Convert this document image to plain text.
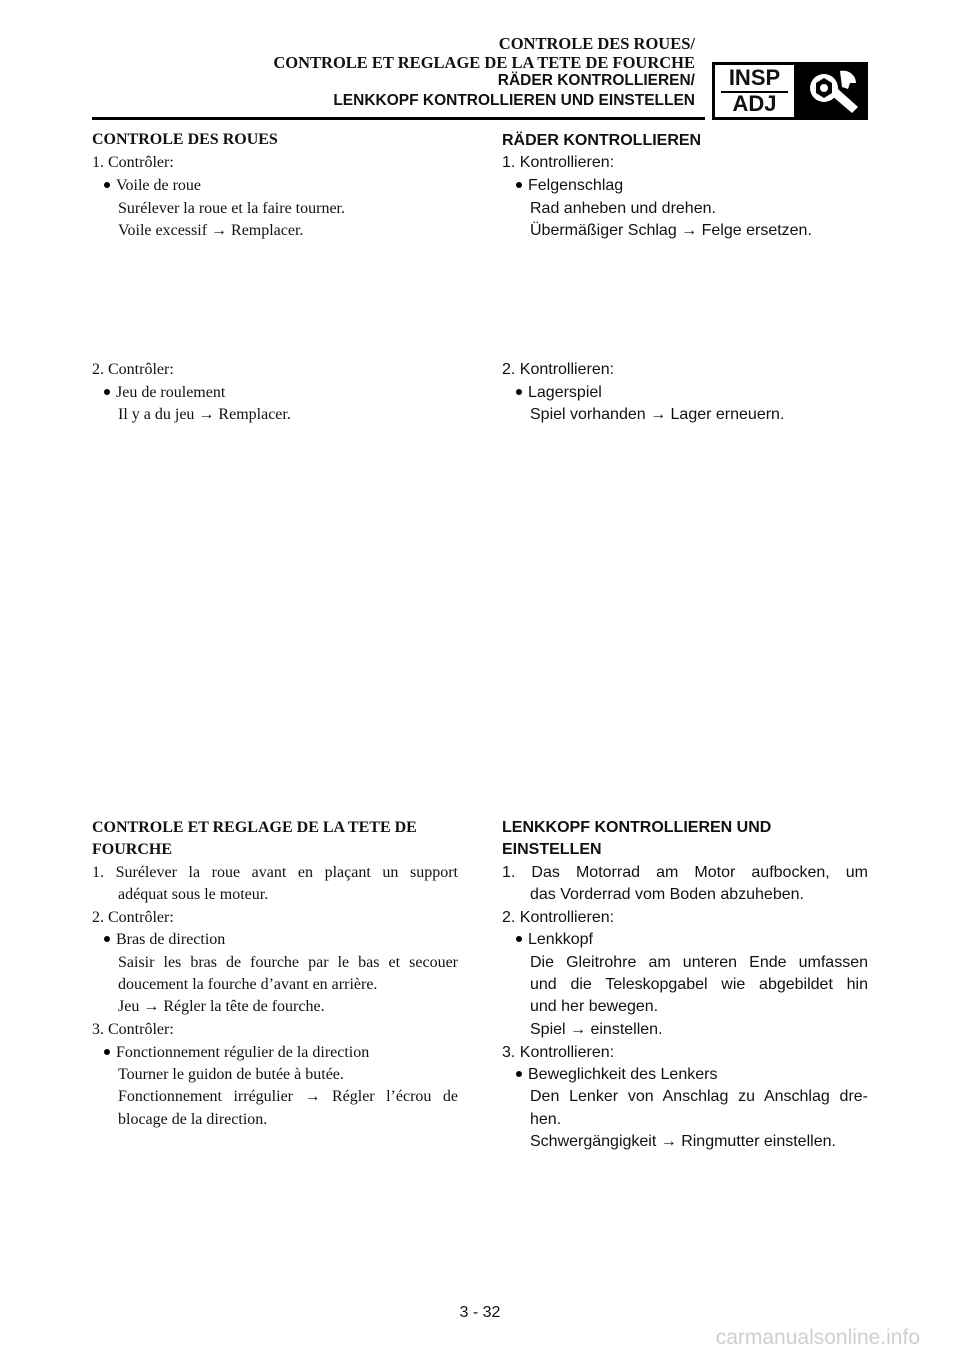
CONTROLE DES ROUES/
CONTROLE ET REGLAGE DE LA TETE DE FOURCHE
RÄDER KONTROLLIEREN/
LENKKOPF KONTROLLIEREN UND EINSTELLEN
INSP
ADJ
CONTROLE DES ROUES
1. Contrôler:
Voile de roue
Surélever la roue et la faire tourner.
Voile excessif → Remplacer.
2. Contrôler:
Jeu de roulement
Il y a du jeu → Remplacer.
CONTROLE ET REGLAGE DE LA TETE DE
FOURCHE
1. Surélever la roue avant en plaçant un support
adéquat sous le moteur.
2. Contrôler:
Bras de direction
Saisir les bras de fourche par le bas et secouer
doucement la fourche d’avant en arrière.
Jeu → Régler la tête de fourche.
3. Contrôler:
Fonctionnement régulier de la direction
Tourner le guidon de butée à butée.
Fonctionnement irrégulier → Régler l’écrou de
blocage de la direction.
RÄDER KONTROLLIEREN
1. Kontrollieren:
Felgenschlag
Rad anheben und drehen.
Übermäßiger Schlag → Felge ersetzen.
2. Kontrollieren:
Lagerspiel
Spiel vorhanden → Lager erneuern.
LENKKOPF KONTROLLIEREN UND
EINSTELLEN
1. Das Motorrad am Motor aufbocken, um
das Vorderrad vom Boden abzuheben.
2. Kontrollieren:
Lenkkopf
Die Gleitrohre am unteren Ende umfassen
und die Teleskopgabel wie abgebildet hin
und her bewegen.
Spiel → einstellen.
3. Kontrollieren:
Beweglichkeit des Lenkers
Den Lenker von Anschlag zu Anschlag dre-
hen.
Schwergängigkeit → Ringmutter einstellen.
3 - 32
carmanualsonline.info
